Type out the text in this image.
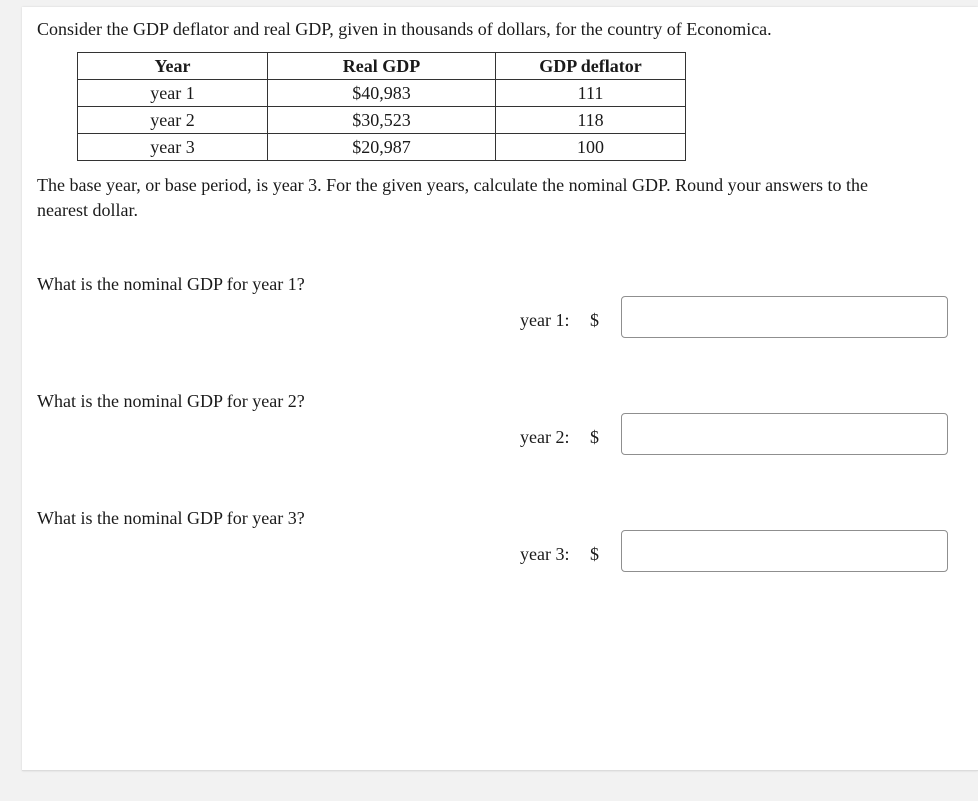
Consider the GDP deflator and real GDP, given in thousands of dollars, for the country of Economica.

Year	Real GDP	GDP deflator
year 1	$40,983	111
year 2	$30,523	118
year 3	$20,987	100

The base year, or base period, is year 3. For the given years, calculate the nominal GDP. Round your answers to the nearest dollar.

What is the nominal GDP for year 1?

year 1: $

What is the nominal GDP for year 2?

year 2: $

What is the nominal GDP for year 3?

year 3: $
